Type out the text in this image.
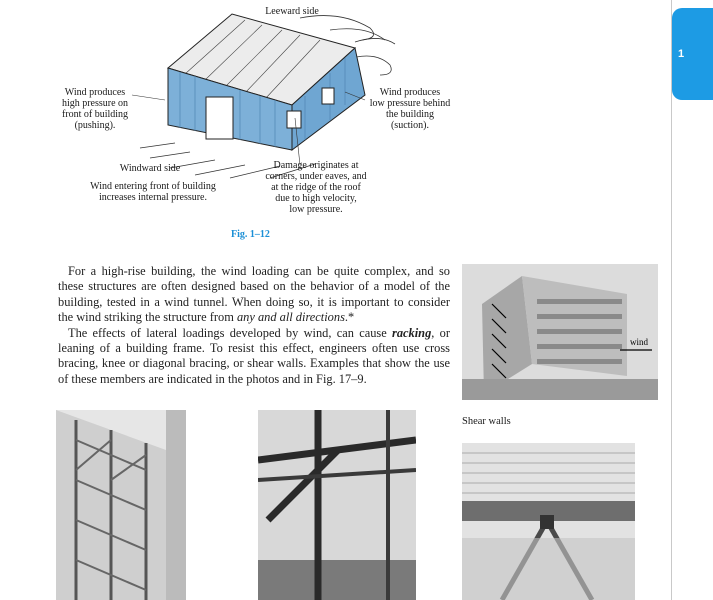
1
Leeward side
Wind produces
high pressure on
front of building
(pushing).
Wind produces
low pressure behind
the building
(suction).
Windward side
Wind entering front of building
increases internal pressure.
Damage originates at
corners, under eaves, and
at the ridge of the roof
due to high velocity,
low pressure.
Fig. 1–12

For a high-rise building, the wind loading can be quite complex, and so these structures are often designed based on the behavior of a model of the building, tested in a wind tunnel. When doing so, it is important to consider the wind striking the structure from any and all directions.*

The effects of lateral loadings developed by wind, can cause racking, or leaning of a building frame. To resist this effect, engineers often use cross bracing, knee or diagonal bracing, or shear walls. Examples that show the use of these members are indicated in the photos and in Fig. 17–9.

wind
Shear walls
